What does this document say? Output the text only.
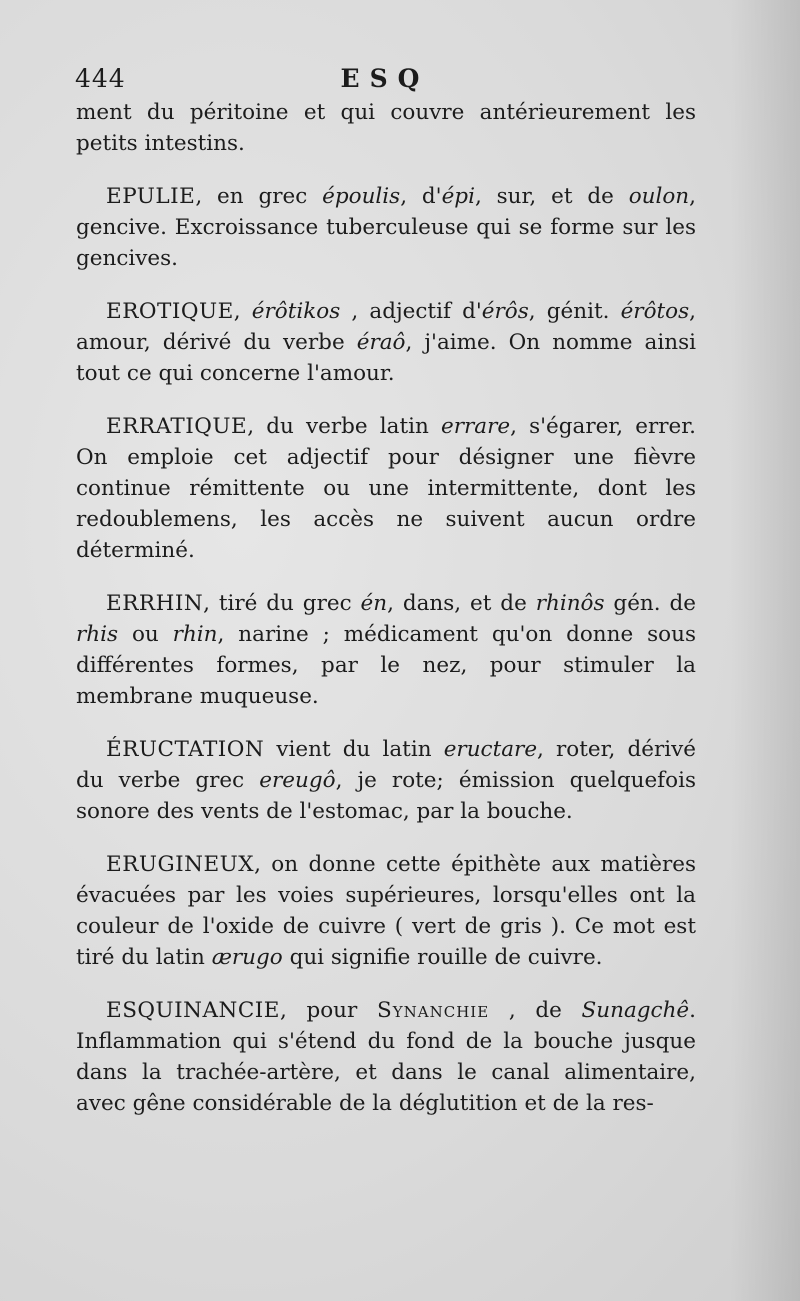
444	ESQ

ment du péritoine et qui couvre antérieurement les petits intestins.

EPULIE, en grec époulis, d'épi, sur, et de oulon, gencive. Excroissance tuberculeuse qui se forme sur les gencives.

EROTIQUE, érôtikos , adjectif d'érôs, génit. érôtos, amour, dérivé du verbe éraô, j'aime. On nomme ainsi tout ce qui concerne l'amour.

ERRATIQUE, du verbe latin errare, s'égarer, errer. On emploie cet adjectif pour désigner une fièvre continue rémittente ou une intermittente, dont les redoublemens, les accès ne suivent aucun ordre déterminé.

ERRHIN, tiré du grec én, dans, et de rhinôs gén. de rhis ou rhin, narine ; médicament qu'on donne sous différentes formes, par le nez, pour stimuler la membrane muqueuse.

ÉRUCTATION vient du latin eructare, roter, dérivé du verbe grec ereugô, je rote; émission quelquefois sonore des vents de l'estomac, par la bouche.

ERUGINEUX, on donne cette épithète aux matières évacuées par les voies supérieures, lorsqu'elles ont la couleur de l'oxide de cuivre ( vert de gris ). Ce mot est tiré du latin ærugo qui signifie rouille de cuivre.

ESQUINANCIE, pour Synanchie , de Sunagchê. Inflammation qui s'étend du fond de la bouche jusque dans la trachée-artère, et dans le canal alimentaire, avec gêne considérable de la déglutition et de la res-
